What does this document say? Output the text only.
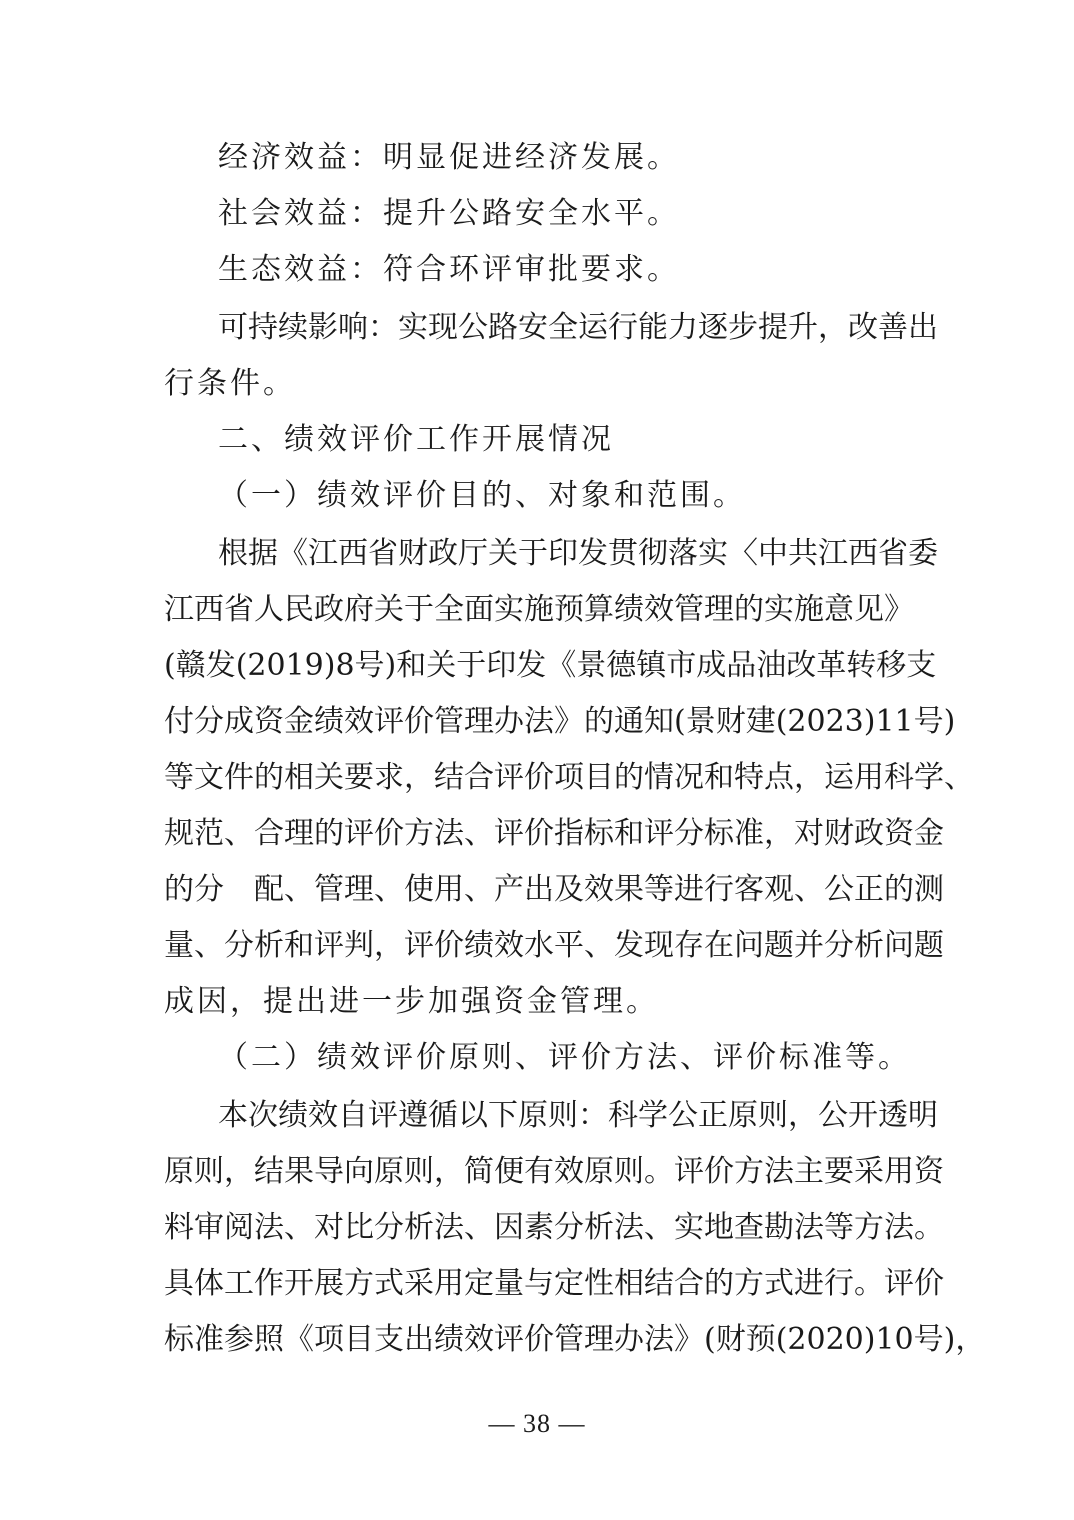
经济效益：明显促进经济发展。
社会效益：提升公路安全水平。
生态效益：符合环评审批要求。
可持续影响：实现公路安全运行能力逐步提升，改善出
行条件。
二、绩效评价工作开展情况
（一）绩效评价目的、对象和范围。
根据《江西省财政厅关于印发贯彻落实〈中共江西省委
江西省人民政府关于全面实施预算绩效管理的实施意见》
(赣发(2019)8号)和关于印发《景德镇市成品油改革转移支
付分成资金绩效评价管理办法》的通知(景财建(2023)11号)
等文件的相关要求，结合评价项目的情况和特点，运用科学、
规范、合理的评价方法、评价指标和评分标准，对财政资金
的分　配、管理、使用、产出及效果等进行客观、公正的测
量、分析和评判，评价绩效水平、发现存在问题并分析问题
成因，提出进一步加强资金管理。
（二）绩效评价原则、评价方法、评价标准等。
本次绩效自评遵循以下原则：科学公正原则，公开透明
原则，结果导向原则，简便有效原则。评价方法主要采用资
料审阅法、对比分析法、因素分析法、实地查勘法等方法。
具体工作开展方式采用定量与定性相结合的方式进行。评价
标准参照《项目支出绩效评价管理办法》(财预(2020)10号)，
— 38 —
